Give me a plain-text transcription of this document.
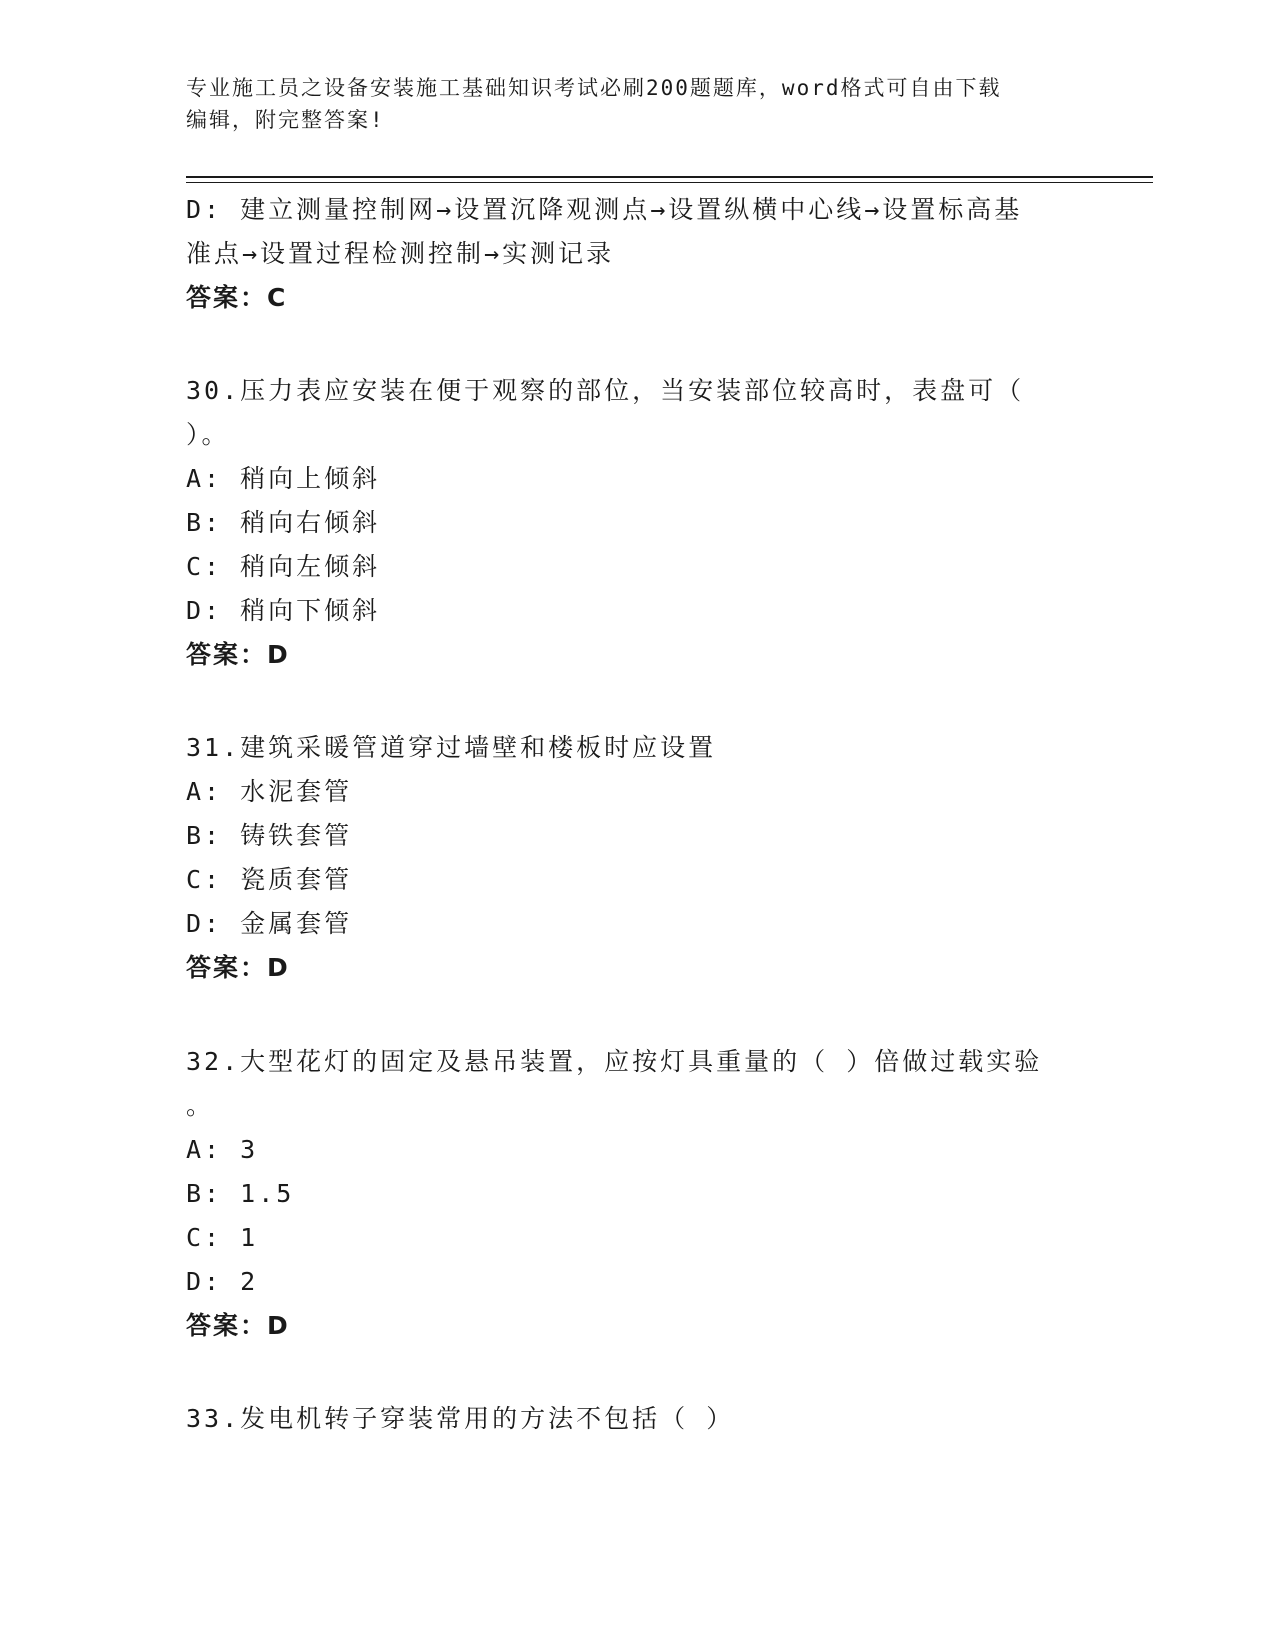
专业施工员之设备安装施工基础知识考试必刷200题题库，word格式可自由下载
编辑，附完整答案!
D: 建立测量控制网→设置沉降观测点→设置纵横中心线→设置标高基
准点→设置过程检测控制→实测记录
答案：C
30.压力表应安装在便于观察的部位，当安装部位较高时，表盘可（
）。
A: 稍向上倾斜
B: 稍向右倾斜
C: 稍向左倾斜
D: 稍向下倾斜
答案：D
31.建筑采暖管道穿过墙壁和楼板时应设置
A: 水泥套管
B: 铸铁套管
C: 瓷质套管
D: 金属套管
答案：D
32.大型花灯的固定及悬吊装置，应按灯具重量的（ ）倍做过载实验
。
A: 3
B: 1.5
C: 1
D: 2
答案：D
33.发电机转子穿装常用的方法不包括（ ）
